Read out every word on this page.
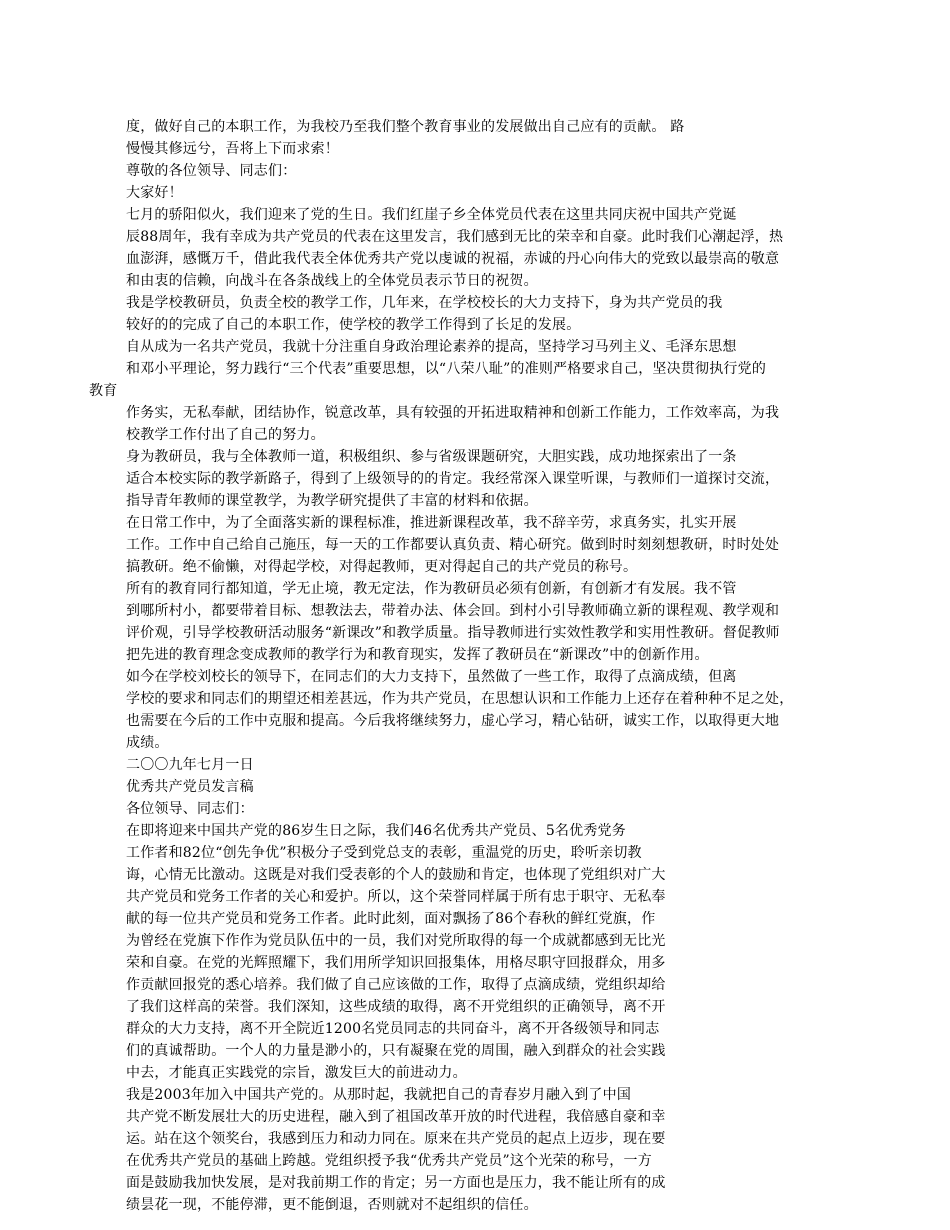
度，做好自己的本职工作，为我校乃至我们整个教育事业的发展做出自己应有的贡献。 路
慢慢其修远兮，吾将上下而求索！
尊敬的各位领导、同志们：
大家好！
七月的骄阳似火，我们迎来了党的生日。我们红崖子乡全体党员代表在这里共同庆祝中国共产党诞
辰88周年，我有幸成为共产党员的代表在这里发言，我们感到无比的荣幸和自豪。此时我们心潮起浮，热
血澎湃，感慨万千，借此我代表全体优秀共产党以虔诚的祝福，赤诚的丹心向伟大的党致以最崇高的敬意
和由衷的信赖，向战斗在各条战线上的全体党员表示节日的祝贺。
我是学校教研员，负责全校的教学工作，几年来，在学校校长的大力支持下，身为共产党员的我
较好的的完成了自己的本职工作，使学校的教学工作得到了长足的发展。
自从成为一名共产党员，我就十分注重自身政治理论素养的提高，坚持学习马列主义、毛泽东思想
和邓小平理论，努力践行“三个代表”重要思想，以“八荣八耻”的准则严格要求自己，坚决贯彻执行党的
教育
作务实，无私奉献，团结协作，锐意改革，具有较强的开拓进取精神和创新工作能力，工作效率高，为我
校教学工作付出了自己的努力。
身为教研员，我与全体教师一道，积极组织、参与省级课题研究，大胆实践，成功地探索出了一条
适合本校实际的教学新路子，得到了上级领导的的肯定。我经常深入课堂听课，与教师们一道探讨交流，
指导青年教师的课堂教学，为教学研究提供了丰富的材料和依据。
在日常工作中，为了全面落实新的课程标准，推进新课程改革，我不辞辛劳，求真务实，扎实开展
工作。工作中自己给自己施压，每一天的工作都要认真负责、精心研究。做到时时刻刻想教研，时时处处
搞教研。绝不偷懒，对得起学校，对得起教师，更对得起自己的共产党员的称号。
所有的教育同行都知道，学无止境，教无定法，作为教研员必须有创新，有创新才有发展。我不管
到哪所村小，都要带着目标、想教法去，带着办法、体会回。到村小引导教师确立新的课程观、教学观和
评价观，引导学校教研活动服务“新课改”和教学质量。指导教师进行实效性教学和实用性教研。督促教师
把先进的教育理念变成教师的教学行为和教育现实，发挥了教研员在“新课改”中的创新作用。
如今在学校刘校长的领导下，在同志们的大力支持下，虽然做了一些工作，取得了点滴成绩，但离
学校的要求和同志们的期望还相差甚远，作为共产党员，在思想认识和工作能力上还存在着种种不足之处，
也需要在今后的工作中克服和提高。今后我将继续努力，虚心学习，精心钻研，诚实工作，以取得更大地
成绩。
二〇〇九年七月一日
优秀共产党员发言稿
各位领导、同志们：
在即将迎来中国共产党的86岁生日之际，我们46名优秀共产党员、5名优秀党务
工作者和82位“创先争优”积极分子受到党总支的表彰，重温党的历史，聆听亲切教
诲，心情无比激动。这既是对我们受表彰的个人的鼓励和肯定，也体现了党组织对广大
共产党员和党务工作者的关心和爱护。所以，这个荣誉同样属于所有忠于职守、无私奉
献的每一位共产党员和党务工作者。此时此刻，面对飘扬了86个春秋的鲜红党旗，作
为曾经在党旗下作作为党员队伍中的一员，我们对党所取得的每一个成就都感到无比光
荣和自豪。在党的光辉照耀下，我们用所学知识回报集体，用格尽职守回报群众，用多
作贡献回报党的悉心培养。我们做了自己应该做的工作，取得了点滴成绩，党组织却给
了我们这样高的荣誉。我们深知，这些成绩的取得，离不开党组织的正确领导，离不开
群众的大力支持，离不开全院近1200名党员同志的共同奋斗，离不开各级领导和同志
们的真诚帮助。一个人的力量是渺小的，只有凝聚在党的周围，融入到群众的社会实践
中去，才能真正实践党的宗旨，激发巨大的前进动力。
我是2003年加入中国共产党的。从那时起，我就把自己的青春岁月融入到了中国
共产党不断发展壮大的历史进程，融入到了祖国改革开放的时代进程，我倍感自豪和幸
运。站在这个领奖台，我感到压力和动力同在。原来在共产党员的起点上迈步，现在要
在优秀共产党员的基础上跨越。党组织授予我“优秀共产党员”这个光荣的称号，一方
面是鼓励我加快发展，是对我前期工作的肯定；另一方面也是压力，我不能让所有的成
绩昙花一现，不能停滞，更不能倒退，否则就对不起组织的信任。
